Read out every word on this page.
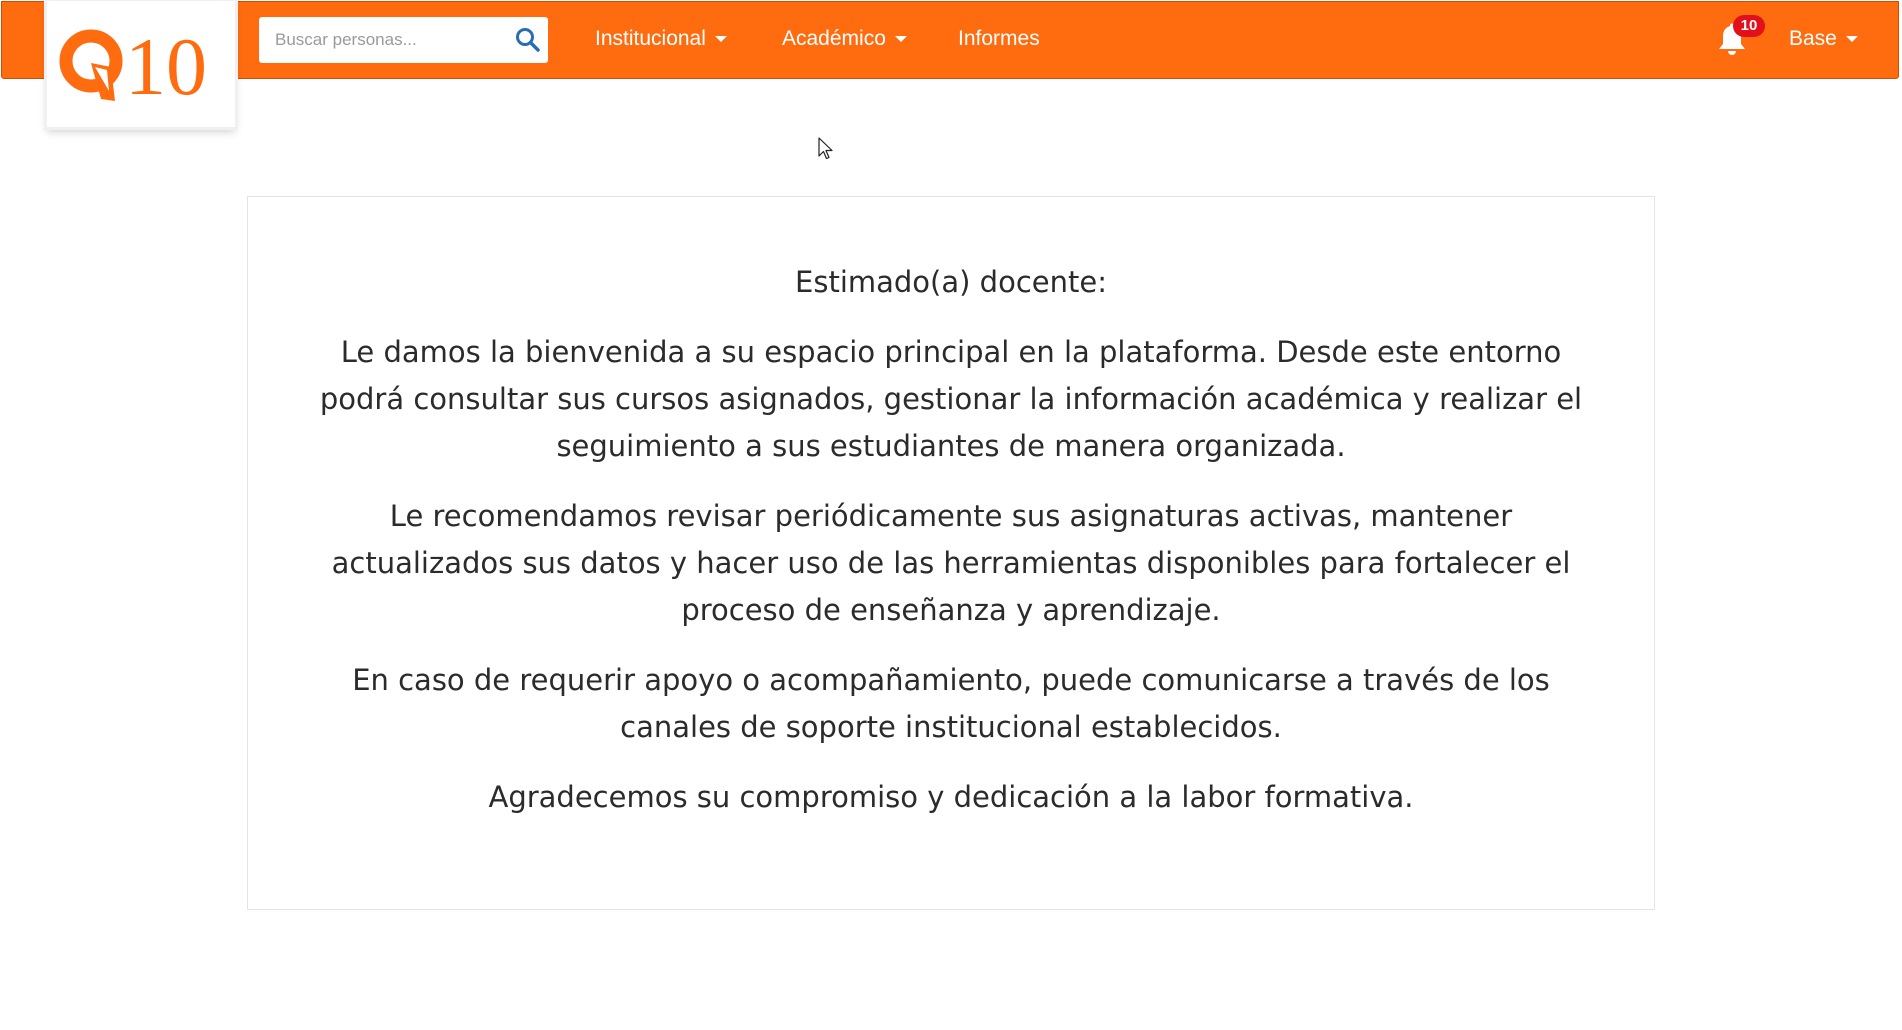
10
Buscar personas...	Institucional	Académico	Informes
10
Base

Estimado(a) docente:

Le damos la bienvenida a su espacio principal en la plataforma. Desde este entorno podrá consultar sus cursos asignados, gestionar la información académica y realizar el seguimiento a sus estudiantes de manera organizada.

Le recomendamos revisar periódicamente sus asignaturas activas, mantener actualizados sus datos y hacer uso de las herramientas disponibles para fortalecer el proceso de enseñanza y aprendizaje.

En caso de requerir apoyo o acompañamiento, puede comunicarse a través de los canales de soporte institucional establecidos.

Agradecemos su compromiso y dedicación a la labor formativa.
